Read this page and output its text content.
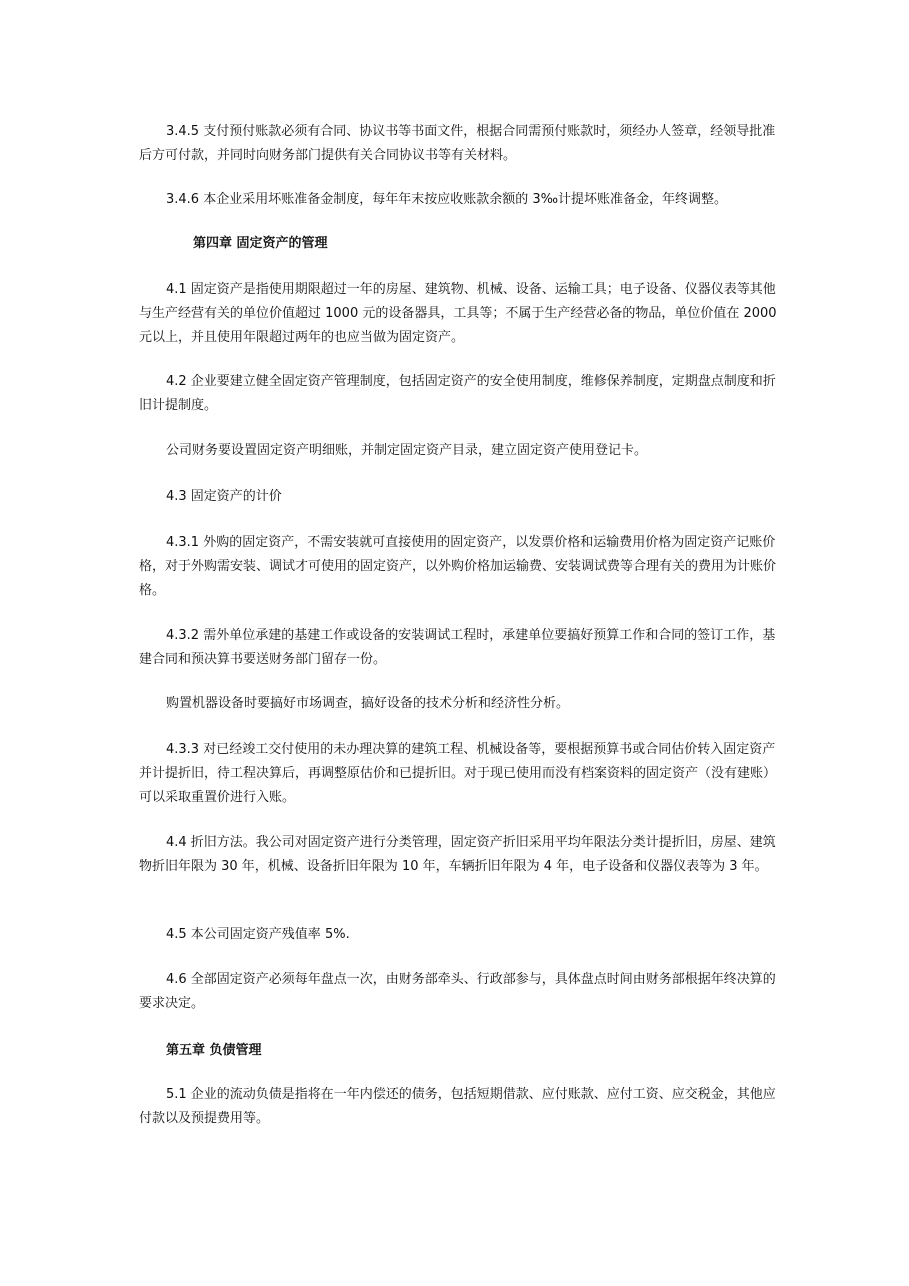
3.4.5 支付预付账款必须有合同、协议书等书面文件，根据合同需预付账款时，须经办人签章，经领导批准后方可付款，并同时向财务部门提供有关合同协议书等有关材料。

3.4.6 本企业采用坏账准备金制度，每年年末按应收账款余额的 3‰计提坏账准备金，年终调整。

第四章 固定资产的管理

4.1 固定资产是指使用期限超过一年的房屋、建筑物、机械、设备、运输工具；电子设备、仪器仪表等其他与生产经营有关的单位价值超过 1000 元的设备器具，工具等；不属于生产经营必备的物品，单位价值在 2000 元以上，并且使用年限超过两年的也应当做为固定资产。

4.2 企业要建立健全固定资产管理制度，包括固定资产的安全使用制度，维修保养制度，定期盘点制度和折旧计提制度。

公司财务要设置固定资产明细账，并制定固定资产目录，建立固定资产使用登记卡。

4.3 固定资产的计价

4.3.1 外购的固定资产，不需安装就可直接使用的固定资产，以发票价格和运输费用价格为固定资产记账价格，对于外购需安装、调试才可使用的固定资产，以外购价格加运输费、安装调试费等合理有关的费用为计账价格。

4.3.2 需外单位承建的基建工作或设备的安装调试工程时，承建单位要搞好预算工作和合同的签订工作，基建合同和预决算书要送财务部门留存一份。

购置机器设备时要搞好市场调查，搞好设备的技术分析和经济性分析。

4.3.3 对已经竣工交付使用的未办理决算的建筑工程、机械设备等，要根据预算书或合同估价转入固定资产并计提折旧，待工程决算后，再调整原估价和已提折旧。对于现已使用而没有档案资料的固定资产（没有建账）可以采取重置价进行入账。

4.4 折旧方法。我公司对固定资产进行分类管理，固定资产折旧采用平均年限法分类计提折旧，房屋、建筑物折旧年限为 30 年，机械、设备折旧年限为 10 年，车辆折旧年限为 4 年，电子设备和仪器仪表等为 3 年。

4.5 本公司固定资产残值率 5%.

4.6 全部固定资产必须每年盘点一次，由财务部牵头、行政部参与，具体盘点时间由财务部根据年终决算的要求决定。

第五章 负债管理

5.1 企业的流动负债是指将在一年内偿还的债务，包括短期借款、应付账款、应付工资、应交税金，其他应付款以及预提费用等。
